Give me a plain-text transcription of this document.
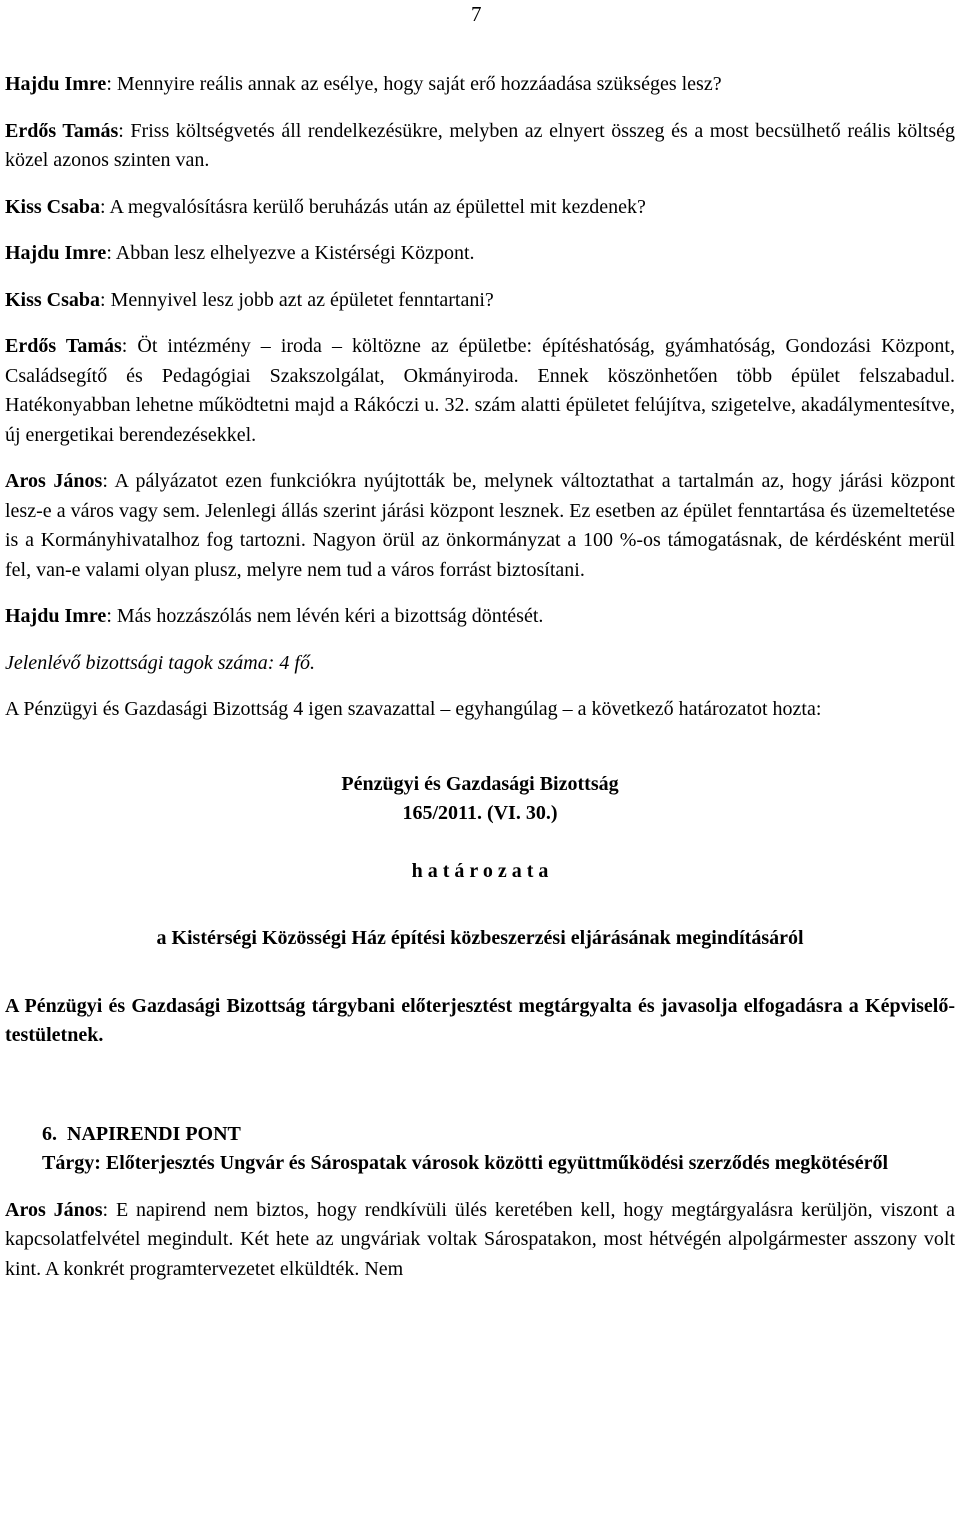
7

Hajdu Imre: Mennyire reális annak az esélye, hogy saját erő hozzáadása szükséges lesz?

Erdős Tamás: Friss költségvetés áll rendelkezésükre, melyben az elnyert összeg és a most becsülhető reális költség közel azonos szinten van.

Kiss Csaba: A megvalósításra kerülő beruházás után az épülettel mit kezdenek?

Hajdu Imre: Abban lesz elhelyezve a Kistérségi Központ.

Kiss Csaba: Mennyivel lesz jobb azt az épületet fenntartani?

Erdős Tamás: Öt intézmény – iroda – költözne az épületbe: építéshatóság, gyámhatóság, Gondozási Központ, Családsegítő és Pedagógiai Szakszolgálat, Okmányiroda. Ennek köszönhetően több épület felszabadul. Hatékonyabban lehetne működtetni majd a Rákóczi u. 32. szám alatti épületet felújítva, szigetelve, akadálymentesítve, új energetikai berendezésekkel.

Aros János: A pályázatot ezen funkciókra nyújtották be, melynek változtathat a tartalmán az, hogy járási központ lesz-e a város vagy sem. Jelenlegi állás szerint járási központ lesznek. Ez esetben az épület fenntartása és üzemeltetése is a Kormányhivatalhoz fog tartozni. Nagyon örül az önkormányzat a 100 %-os támogatásnak, de kérdésként merül fel, van-e valami olyan plusz, melyre nem tud a város forrást biztosítani.

Hajdu Imre: Más hozzászólás nem lévén kéri a bizottság döntését.

Jelenlévő bizottsági tagok száma: 4 fő.

A Pénzügyi és Gazdasági Bizottság 4 igen szavazattal – egyhangúlag – a következő határozatot hozta:

Pénzügyi és Gazdasági Bizottság

165/2011. (VI. 30.)

h a t á r o z a t a

a Kistérségi Közösségi Ház építési közbeszerzési eljárásának megindításáról

A Pénzügyi és Gazdasági Bizottság tárgybani előterjesztést megtárgyalta és javasolja elfogadásra a Képviselő-testületnek.

6.  NAPIRENDI PONT

Tárgy: Előterjesztés Ungvár és Sárospatak városok közötti együttműködési szerződés megkötéséről

Aros János: E napirend nem biztos, hogy rendkívüli ülés keretében kell, hogy megtárgyalásra kerüljön, viszont a kapcsolatfelvétel megindult. Két hete az ungváriak voltak Sárospatakon, most hétvégén alpolgármester asszony volt kint. A konkrét programtervezetet elküldték. Nem
